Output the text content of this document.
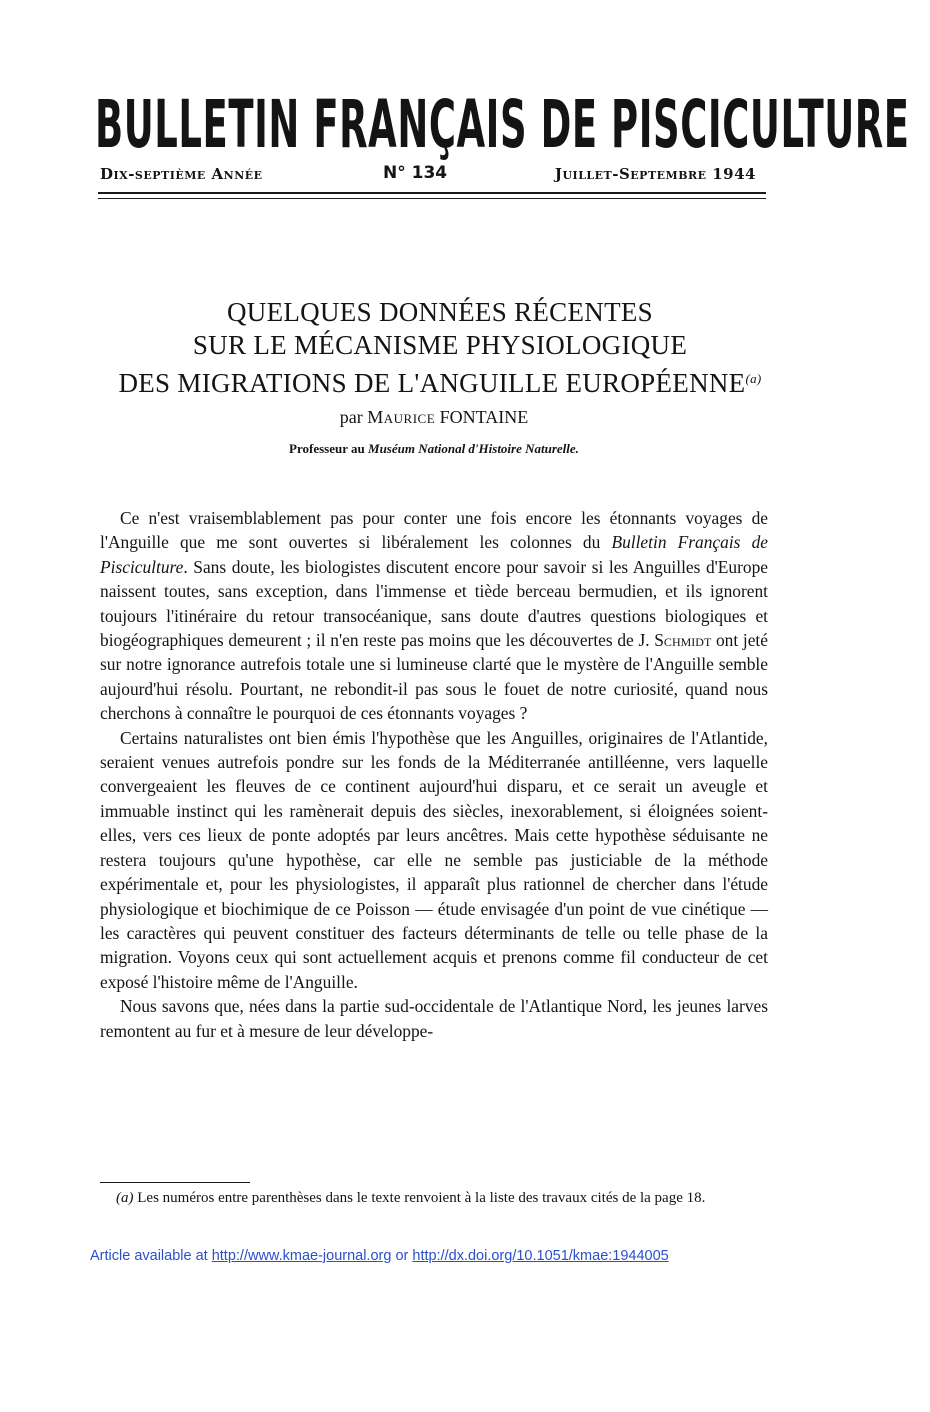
BULLETIN FRANÇAIS DE PISCICULTURE
Dix-septième Année	N° 134	Juillet-Septembre 1944
QUELQUES DONNÉES RÉCENTES
SUR LE MÉCANISME PHYSIOLOGIQUE
DES MIGRATIONS DE L'ANGUILLE EUROPÉENNE$^{(a)}$
par Maurice FONTAINE
Professeur au Muséum National d'Histoire Naturelle.

Ce n'est vraisemblablement pas pour conter une fois encore les étonnants voyages de l'Anguille que me sont ouvertes si libéralement les colonnes du Bulletin Français de Pisciculture. Sans doute, les biologistes discutent encore pour savoir si les Anguilles d'Europe naissent toutes, sans exception, dans l'immense et tiède berceau bermudien, et ils ignorent toujours l'itinéraire du retour transocéanique, sans doute d'autres questions biologiques et biogéographiques demeurent ; il n'en reste pas moins que les découvertes de J. Schmidt ont jeté sur notre ignorance autrefois totale une si lumineuse clarté que le mystère de l'Anguille semble aujourd'hui résolu. Pourtant, ne rebondit-il pas sous le fouet de notre curiosité, quand nous cherchons à connaître le pourquoi de ces étonnants voyages ?

Certains naturalistes ont bien émis l'hypothèse que les Anguilles, originaires de l'Atlantide, seraient venues autrefois pondre sur les fonds de la Méditerranée antilléenne, vers laquelle convergeaient les fleuves de ce continent aujourd'hui disparu, et ce serait un aveugle et immuable instinct qui les ramènerait depuis des siècles, inexorablement, si éloignées soient-elles, vers ces lieux de ponte adoptés par leurs ancêtres. Mais cette hypothèse séduisante ne restera toujours qu'une hypothèse, car elle ne semble pas justiciable de la méthode expérimentale et, pour les physiologistes, il apparaît plus rationnel de chercher dans l'étude physiologique et biochimique de ce Poisson — étude envisagée d'un point de vue cinétique — les caractères qui peuvent constituer des facteurs déterminants de telle ou telle phase de la migration. Voyons ceux qui sont actuellement acquis et prenons comme fil conducteur de cet exposé l'histoire même de l'Anguille.

Nous savons que, nées dans la partie sud-occidentale de l'Atlantique Nord, les jeunes larves remontent au fur et à mesure de leur développe-

(a) Les numéros entre parenthèses dans le texte renvoient à la liste des travaux cités de la page 18.
Article available at http://www.kmae-journal.org or http://dx.doi.org/10.1051/kmae:1944005
